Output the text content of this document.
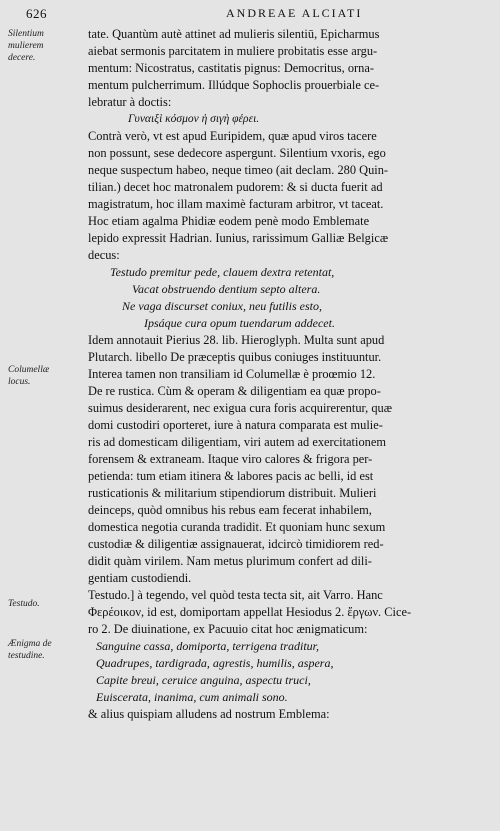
626	ANDREAE ALCIATI
Silentium mulierem decere.
Columellæ locus.
Testudo.
Ænigma de testudine.
tate. Quantùm autè attinet ad mulieris silentiū, Epicharmus
aiebat sermonis parcitatem in muliere probitatis esse argu-
mentum: Nicostratus, castitatis pignus: Democritus, orna-
mentum pulcherrimum. Illúdque Sophoclis prouerbiale ce-
lebratur à doctis:
Γυναιξὶ κόσμον ἡ σιγὴ φέρει.
Contrà verò, vt est apud Euripidem, quæ apud viros tacere
non possunt, sese dedecore aspergunt. Silentium vxoris, ego
neque suspectum habeo, neque timeo (ait declam. 280 Quin-
tilian.) decet hoc matronalem pudorem: & si ducta fuerit ad
magistratum, hoc illam maximè facturam arbitror, vt taceat.
Hoc etiam agalma Phidiæ eodem penè modo Emblemate
lepido expressit Hadrian. Iunius, rarissimum Galliæ Belgicæ
decus:
Testudo premitur pede, clauem dextra retentat,
Vacat obstruendo dentium septo altera.
Ne vaga discurset coniux, neu futilis esto,
Ipsáque cura opum tuendarum addecet.
Idem annotauit Pierius 28. lib. Hieroglyph. Multa sunt apud
Plutarch. libello De præceptis quibus coniuges instituuntur.
Interea tamen non transiliam id Columellæ è proœmio 12.
De re rustica. Cùm & operam & diligentiam ea quæ propo-
suimus desiderarent, nec exigua cura foris acquirerentur, quæ
domi custodiri oporteret, iure à natura comparata est mulie-
ris ad domesticam diligentiam, viri autem ad exercitationem
forensem & extraneam. Itaque viro calores & frigora per-
petienda: tum etiam itinera & labores pacis ac belli, id est
rusticationis & militarium stipendiorum distribuit. Mulieri
deinceps, quòd omnibus his rebus eam fecerat inhabilem,
domestica negotia curanda tradidit. Et quoniam hunc sexum
custodiæ & diligentiæ assignauerat, idcircò timidiorem red-
didit quàm virilem. Nam metus plurimum confert ad dili-
gentiam custodiendi.
Testudo.] à tegendo, vel quòd testa tecta sit, ait Varro. Hanc
Φερέοικον, id est, domiportam appellat Hesiodus 2. ἔργων. Cice-
ro 2. De diuinatione, ex Pacuuio citat hoc ænigmaticum:
Sanguine cassa, domiporta, terrigena traditur,
Quadrupes, tardigrada, agrestis, humilis, aspera,
Capite breui, ceruice anguina, aspectu truci,
Euiscerata, inanima, cum animali sono.
& alius quispiam alludens ad nostrum Emblema:
